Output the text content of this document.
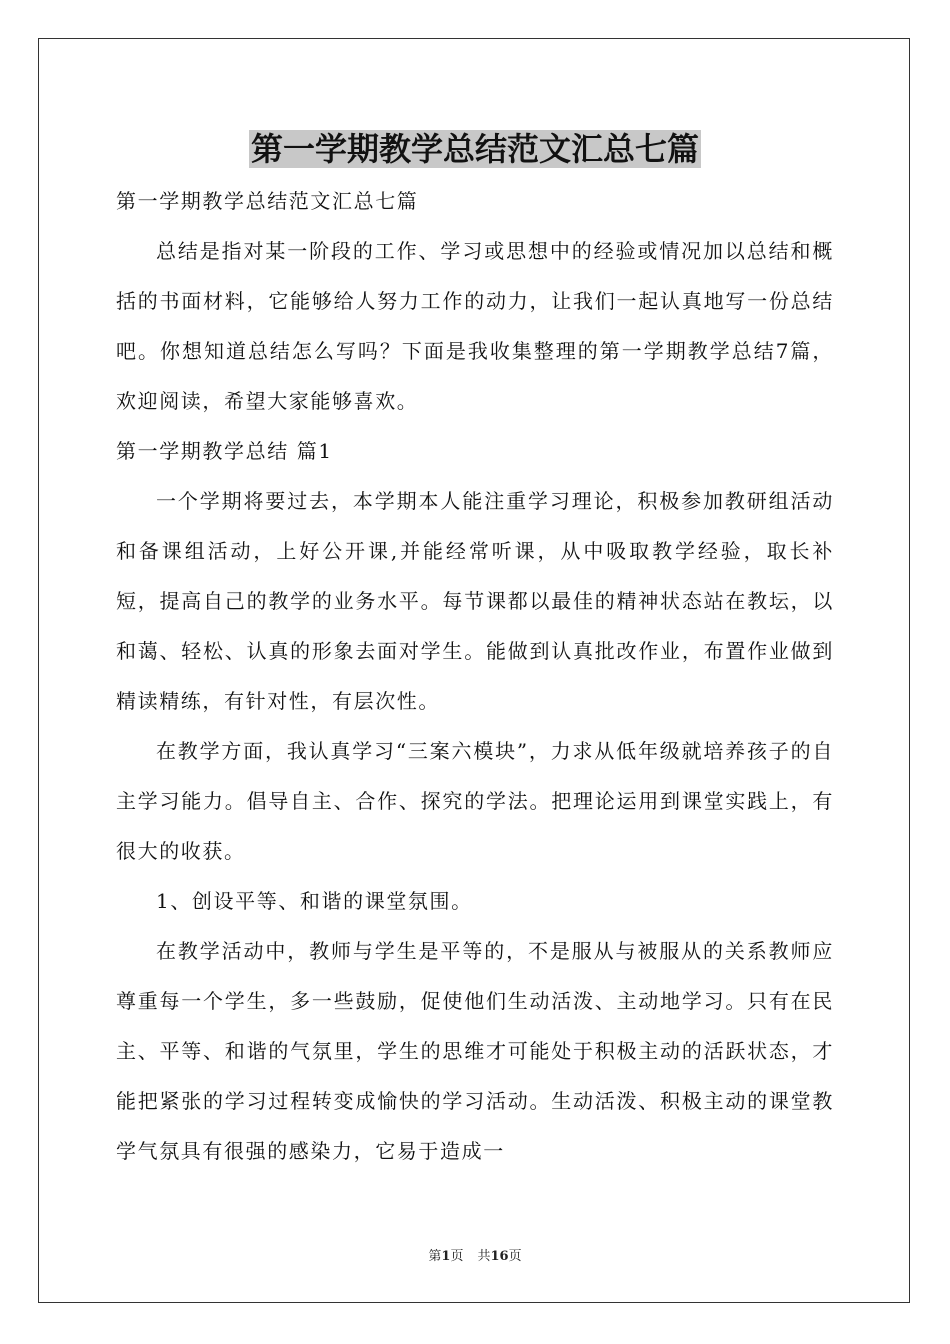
第一学期教学总结范文汇总七篇

第一学期教学总结范文汇总七篇

总结是指对某一阶段的工作、学习或思想中的经验或情况加以总结和概括的书面材料，它能够给人努力工作的动力，让我们一起认真地写一份总结吧。你想知道总结怎么写吗？下面是我收集整理的第一学期教学总结7篇，欢迎阅读，希望大家能够喜欢。

第一学期教学总结 篇1

一个学期将要过去，本学期本人能注重学习理论，积极参加教研组活动和备课组活动，上好公开课,并能经常听课，从中吸取教学经验，取长补短，提高自己的教学的业务水平。每节课都以最佳的精神状态站在教坛，以和蔼、轻松、认真的形象去面对学生。能做到认真批改作业，布置作业做到精读精练，有针对性，有层次性。

在教学方面，我认真学习“三案六模块”，力求从低年级就培养孩子的自主学习能力。倡导自主、合作、探究的学法。把理论运用到课堂实践上，有很大的收获。

1、创设平等、和谐的课堂氛围。

在教学活动中，教师与学生是平等的，不是服从与被服从的关系教师应尊重每一个学生，多一些鼓励，促使他们生动活泼、主动地学习。只有在民主、平等、和谐的气氛里，学生的思维才可能处于积极主动的活跃状态，才能把紧张的学习过程转变成愉快的学习活动。生动活泼、积极主动的课堂教学气氛具有很强的感染力，它易于造成一

第1页 共16页
